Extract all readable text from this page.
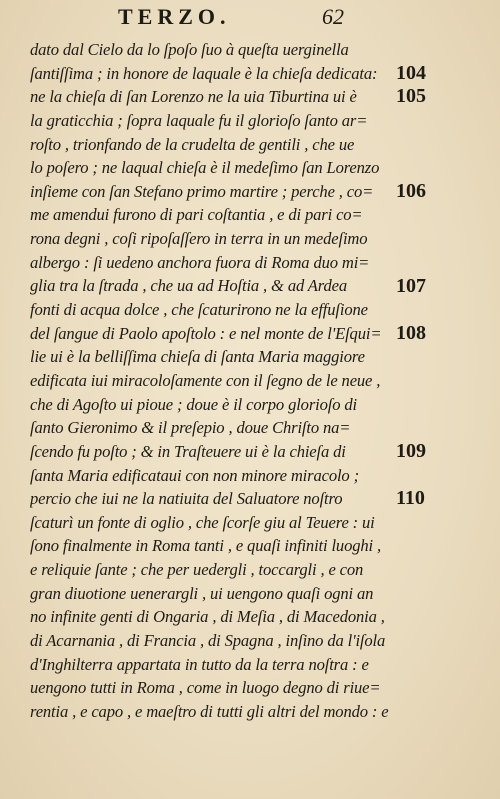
TERZO.	62
dato dal Cielo da lo ſpoſo ſuo à queſta uerginella
ſantiſſima ; in honore de laquale è la chieſa dedicata:
ne la chieſa di ſan Lorenzo ne la uia Tiburtina ui è
la graticchia ; ſopra laquale fu il glorioſo ſanto ar=
roſto , trionfando de la crudelta de gentili , che ue
lo poſero ; ne laqual chieſa è il medeſimo ſan Lorenzo
inſieme con ſan Stefano primo martire ; perche , co=
me amendui furono di pari coſtantia , e di pari co=
rona degni , coſi ripoſaſſero in terra in un medeſimo
albergo : ſi uedeno anchora fuora di Roma duo mi=
glia tra la ſtrada , che ua ad Hoſtia , & ad Ardea
fonti di acqua dolce , che ſcaturirono ne la effuſione
del ſangue di Paolo apoſtolo : e nel monte de l'Eſqui=
lie ui è la belliſſima chieſa di ſanta Maria maggiore
edificata iui miracoloſamente con il ſegno de le neue ,
che di Agoſto ui pioue ; doue è il corpo glorioſo di
ſanto Gieronimo & il preſepio , doue Chriſto na=
ſcendo fu poſto ; & in Traſteuere ui è la chieſa di
ſanta Maria edificataui con non minore miracolo ;
percio che iui ne la natiuita del Saluatore noſtro
ſcaturì un fonte di oglio , che ſcorſe giu al Teuere : ui
ſono finalmente in Roma tanti , e quaſi infiniti luoghi ,
e reliquie ſante ; che per uedergli , toccargli , e con
gran diuotione uenerargli , ui uengono quaſi ogni an
no infinite genti di Ongaria , di Meſia , di Macedonia ,
di Acarnania , di Francia , di Spagna , inſino da l'iſola
d'Inghilterra appartata in tutto da la terra noſtra : e
uengono tutti in Roma , come in luogo degno di riue=
rentia , e capo , e maeſtro di tutti gli altri del mondo : e
104
105
106
107
108
109
110
